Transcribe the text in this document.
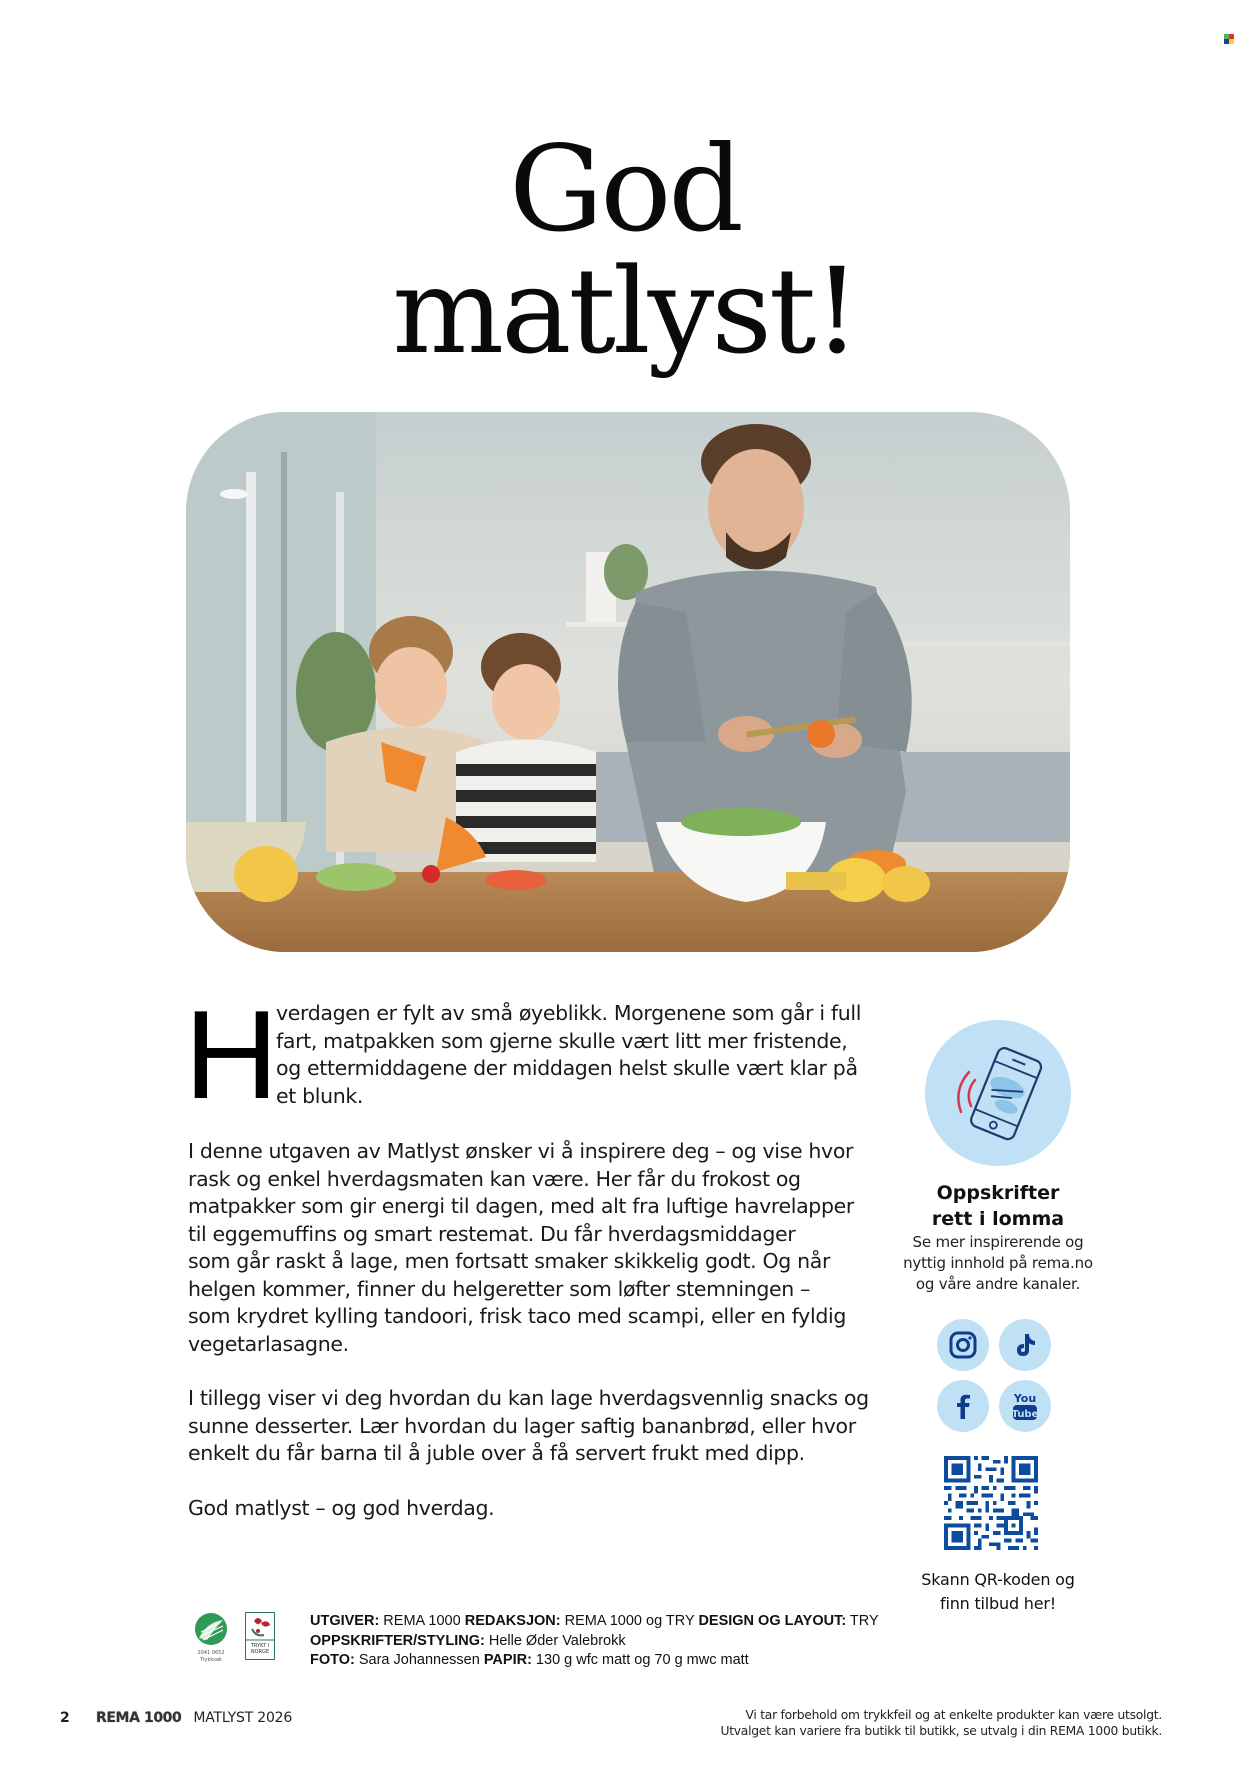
God
matlyst!
H
verdagen er fylt av små øyeblikk. Morgenene som går i full
fart, matpakken som gjerne skulle vært litt mer fristende,
og ettermiddagene der middagen helst skulle vært klar på
et blunk.
I denne utgaven av Matlyst ønsker vi å inspirere deg – og vise hvor
rask og enkel hverdagsmaten kan være. Her får du frokost og
matpakker som gir energi til dagen, med alt fra luftige havrelapper
til eggemuffins og smart restemat. Du får hverdagsmiddager
som går raskt å lage, men fortsatt smaker skikkelig godt. Og når
helgen kommer, finner du helgeretter som løfter stemningen –
som krydret kylling tandoori, frisk taco med scampi, eller en fyldig
vegetarlasagne.
I tillegg viser vi deg hvordan du kan lage hverdagsvennlig snacks og
sunne desserter. Lær hvordan du lager saftig bananbrød, eller hvor
enkelt du får barna til å juble over å få servert frukt med dipp.
God matlyst – og god hverdag.
Oppskrifter
rett i lomma
Se mer inspirerende og
nyttig innhold på rema.no
og våre andre kanaler.
You
Tube
Skann QR-koden og
finn tilbud her!
2041 0652
Trykksak
TRYKT I
NORGE
UTGIVER: REMA 1000 REDAKSJON: REMA 1000 og TRY DESIGN OG LAYOUT: TRY
OPPSKRIFTER/STYLING: Helle Øder Valebrokk
FOTO: Sara Johannessen PAPIR: 130 g wfc matt og 70 g mwc matt
2	REMA 1000 MATLYST 2026	Vi tar forbehold om trykkfeil og at enkelte produkter kan være utsolgt.
Utvalget kan variere fra butikk til butikk, se utvalg i din REMA 1000 butikk.
